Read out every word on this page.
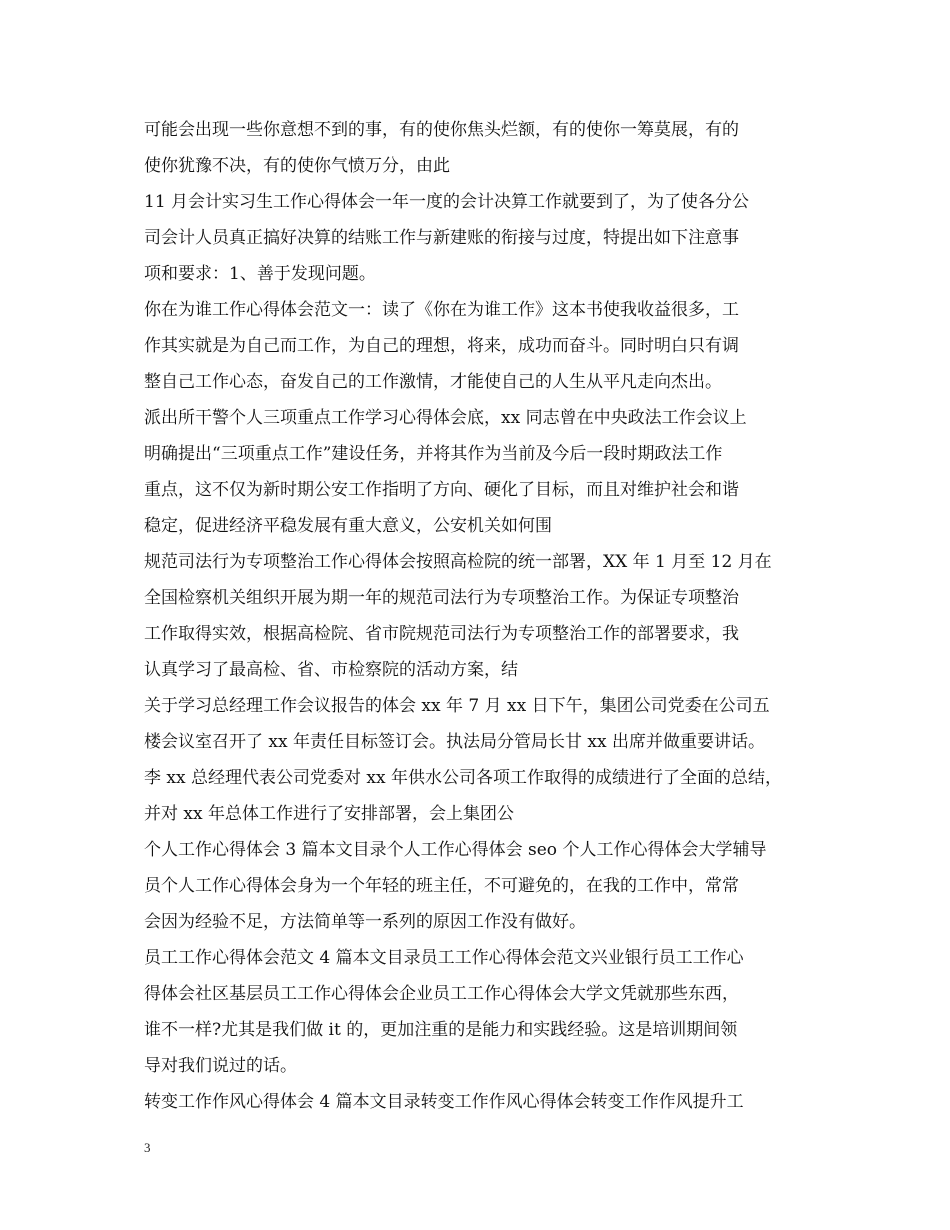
可能会出现一些你意想不到的事，有的使你焦头烂额，有的使你一筹莫展，有的
使你犹豫不决，有的使你气愤万分，由此
11 月会计实习生工作心得体会一年一度的会计决算工作就要到了，为了使各分公
司会计人员真正搞好决算的结账工作与新建账的衔接与过度，特提出如下注意事
项和要求：1、善于发现问题。
你在为谁工作心得体会范文一：读了《你在为谁工作》这本书使我收益很多，工
作其实就是为自己而工作，为自己的理想，将来，成功而奋斗。同时明白只有调
整自己工作心态，奋发自己的工作激情，才能使自己的人生从平凡走向杰出。
派出所干警个人三项重点工作学习心得体会底，xx 同志曾在中央政法工作会议上
明确提出“三项重点工作”建设任务，并将其作为当前及今后一段时期政法工作
重点，这不仅为新时期公安工作指明了方向、硬化了目标，而且对维护社会和谐
稳定，促进经济平稳发展有重大意义，公安机关如何围
规范司法行为专项整治工作心得体会按照高检院的统一部署，XX 年 1 月至 12 月在
全国检察机关组织开展为期一年的规范司法行为专项整治工作。为保证专项整治
工作取得实效，根据高检院、省市院规范司法行为专项整治工作的部署要求，我
认真学习了最高检、省、市检察院的活动方案，结
关于学习总经理工作会议报告的体会 xx 年 7 月 xx 日下午，集团公司党委在公司五
楼会议室召开了 xx 年责任目标签订会。执法局分管局长甘 xx 出席并做重要讲话。
李 xx 总经理代表公司党委对 xx 年供水公司各项工作取得的成绩进行了全面的总结，
并对 xx 年总体工作进行了安排部署，会上集团公
个人工作心得体会 3 篇本文目录个人工作心得体会 seo 个人工作心得体会大学辅导
员个人工作心得体会身为一个年轻的班主任，不可避免的，在我的工作中，常常
会因为经验不足，方法简单等一系列的原因工作没有做好。
员工工作心得体会范文 4 篇本文目录员工工作心得体会范文兴业银行员工工作心
得体会社区基层员工工作心得体会企业员工工作心得体会大学文凭就那些东西，
谁不一样?尤其是我们做 it 的，更加注重的是能力和实践经验。这是培训期间领
导对我们说过的话。
转变工作作风心得体会 4 篇本文目录转变工作作风心得体会转变工作作风提升工
3
